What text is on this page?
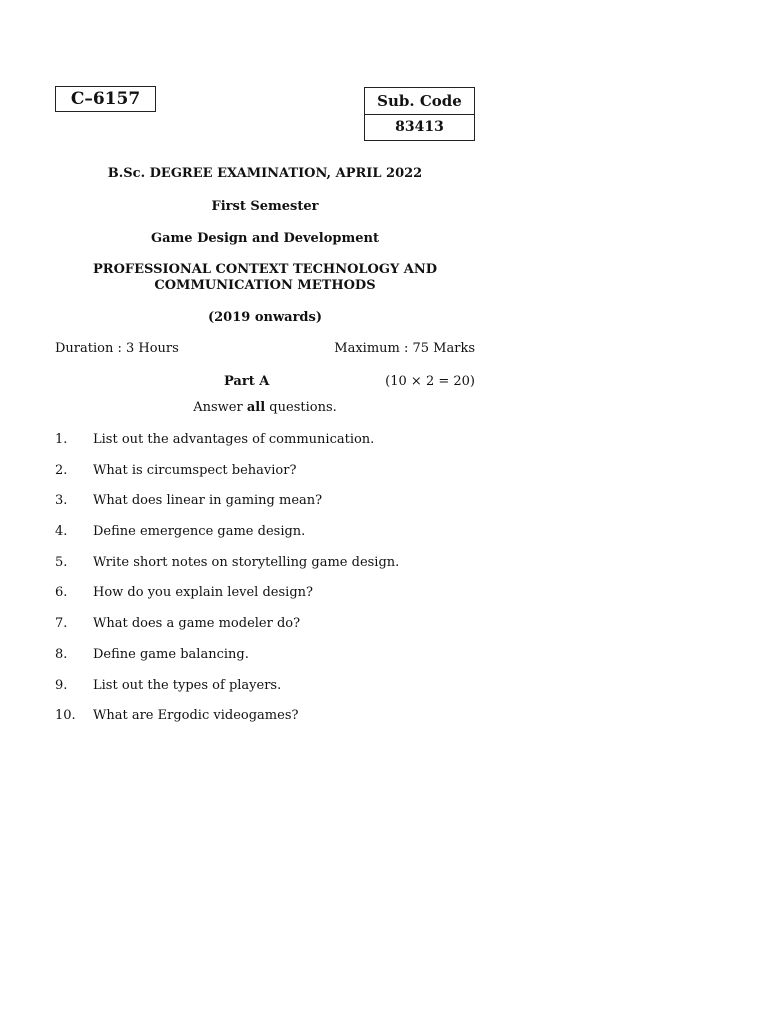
C–6157	Sub. Code
83413
B.Sc. DEGREE EXAMINATION, APRIL 2022
First Semester
Game Design and Development
PROFESSIONAL CONTEXT TECHNOLOGY AND
COMMUNICATION METHODS
(2019 onwards)
Duration : 3 Hours	Maximum : 75 Marks
Part A	(10 × 2 = 20)
Answer all questions.
1.	List out the advantages of communication.
2.	What is circumspect behavior?
3.	What does linear in gaming mean?
4.	Define emergence game design.
5.	Write short notes on storytelling game design.
6.	How do you explain level design?
7.	What does a game modeler do?
8.	Define game balancing.
9.	List out the types of players.
10.	What are Ergodic videogames?
